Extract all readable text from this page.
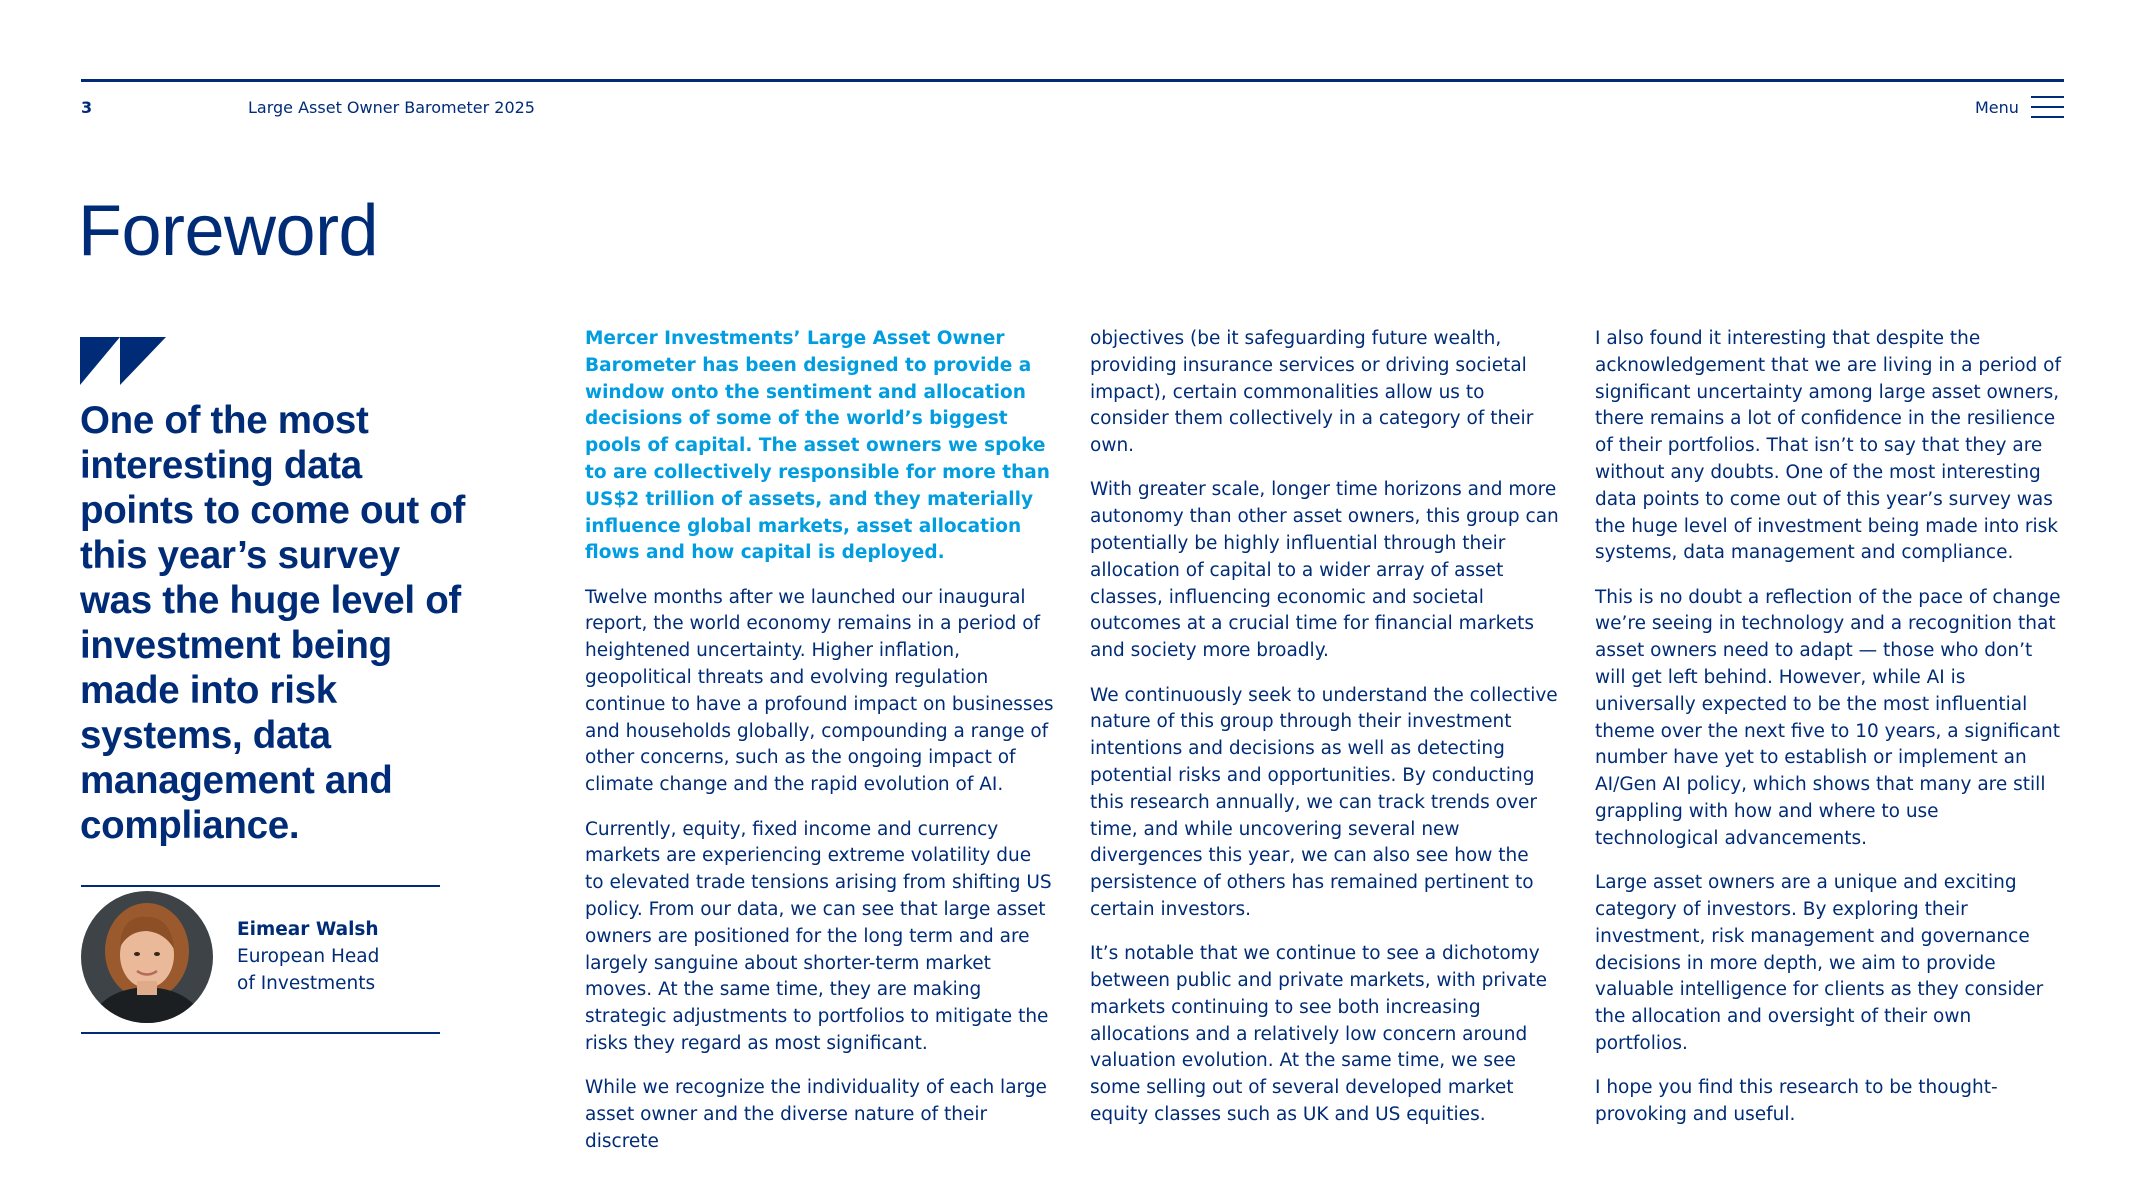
3	Large Asset Owner Barometer 2025	Menu
Foreword

One of the most interesting data points to come out of this year’s survey was the huge level of investment being made into risk systems, data management and compliance.

Eimear Walsh
European Head
of Investments

Mercer Investments’ Large Asset Owner Barometer has been designed to provide a window onto the sentiment and allocation decisions of some of the world’s biggest pools of capital. The asset owners we spoke to are collectively responsible for more than US$2 trillion of assets, and they materially influence global markets, asset allocation flows and how capital is deployed.

Twelve months after we launched our inaugural report, the world economy remains in a period of heightened uncertainty. Higher inflation, geopolitical threats and evolving regulation continue to have a profound impact on businesses and households globally, compounding a range of other concerns, such as the ongoing impact of climate change and the rapid evolution of AI.

Currently, equity, fixed income and currency markets are experiencing extreme volatility due to elevated trade tensions arising from shifting US policy. From our data, we can see that large asset owners are positioned for the long term and are largely sanguine about shorter-term market moves. At the same time, they are making strategic adjustments to portfolios to mitigate the risks they regard as most significant.

While we recognize the individuality of each large asset owner and the diverse nature of their discrete

objectives (be it safeguarding future wealth, providing insurance services or driving societal impact), certain commonalities allow us to consider them collectively in a category of their own.

With greater scale, longer time horizons and more autonomy than other asset owners, this group can potentially be highly influential through their allocation of capital to a wider array of asset classes, influencing economic and societal outcomes at a crucial time for financial markets and society more broadly.

We continuously seek to understand the collective nature of this group through their investment intentions and decisions as well as detecting potential risks and opportunities. By conducting this research annually, we can track trends over time, and while uncovering several new divergences this year, we can also see how the persistence of others has remained pertinent to certain investors.

It’s notable that we continue to see a dichotomy between public and private markets, with private markets continuing to see both increasing allocations and a relatively low concern around valuation evolution. At the same time, we see some selling out of several developed market equity classes such as UK and US equities.

I also found it interesting that despite the acknowledgement that we are living in a period of significant uncertainty among large asset owners, there remains a lot of confidence in the resilience of their portfolios. That isn’t to say that they are without any doubts. One of the most interesting data points to come out of this year’s survey was the huge level of investment being made into risk systems, data management and compliance.

This is no doubt a reflection of the pace of change we’re seeing in technology and a recognition that asset owners need to adapt — those who don’t will get left behind. However, while AI is universally expected to be the most influential theme over the next five to 10 years, a significant number have yet to establish or implement an AI/Gen AI policy, which shows that many are still grappling with how and where to use technological advancements.

Large asset owners are a unique and exciting category of investors. By exploring their investment, risk management and governance decisions in more depth, we aim to provide valuable intelligence for clients as they consider the allocation and oversight of their own portfolios.

I hope you find this research to be thought-provoking and useful.
